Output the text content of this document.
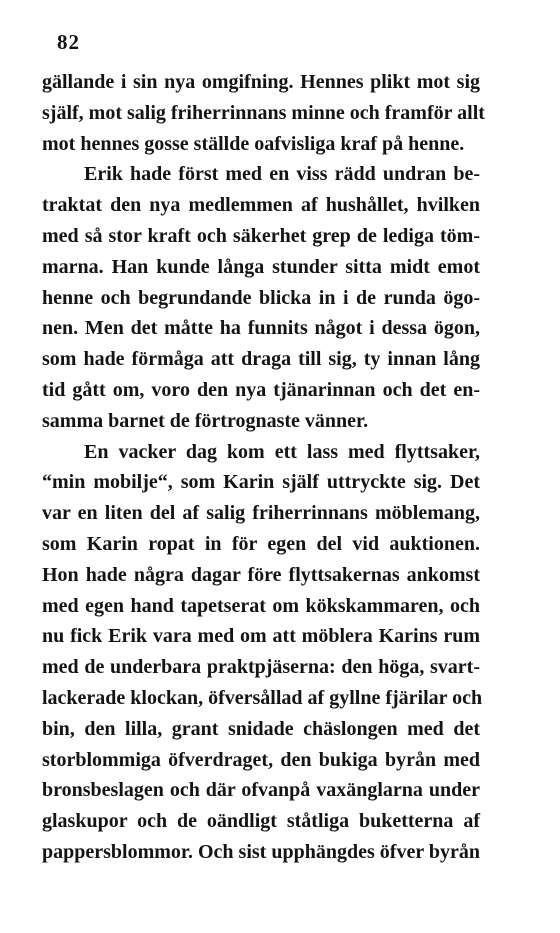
82
gällande i sin nya omgifning. Hennes plikt mot sig
själf, mot salig friherrinnans minne och framför allt
mot hennes gosse ställde oafvisliga kraf på henne.
Erik hade först med en viss rädd undran be-
traktat den nya medlemmen af hushållet, hvilken
med så stor kraft och säkerhet grep de lediga töm-
marna. Han kunde långa stunder sitta midt emot
henne och begrundande blicka in i de runda ögo-
nen. Men det måtte ha funnits något i dessa ögon,
som hade förmåga att draga till sig, ty innan lång
tid gått om, voro den nya tjänarinnan och det en-
samma barnet de förtrognaste vänner.
En vacker dag kom ett lass med flyttsaker,
“min mobilje“, som Karin själf uttryckte sig. Det
var en liten del af salig friherrinnans möblemang,
som Karin ropat in för egen del vid auktionen.
Hon hade några dagar före flyttsakernas ankomst
med egen hand tapetserat om kökskammaren, och
nu fick Erik vara med om att möblera Karins rum
med de underbara praktpjäserna: den höga, svart-
lackerade klockan, öfversållad af gyllne fjärilar och
bin, den lilla, grant snidade chäslongen med det
storblommiga öfverdraget, den bukiga byrån med
bronsbeslagen och där ofvanpå vaxänglarna under
glaskupor och de oändligt ståtliga buketterna af
pappersblommor. Och sist upphängdes öfver byrån
